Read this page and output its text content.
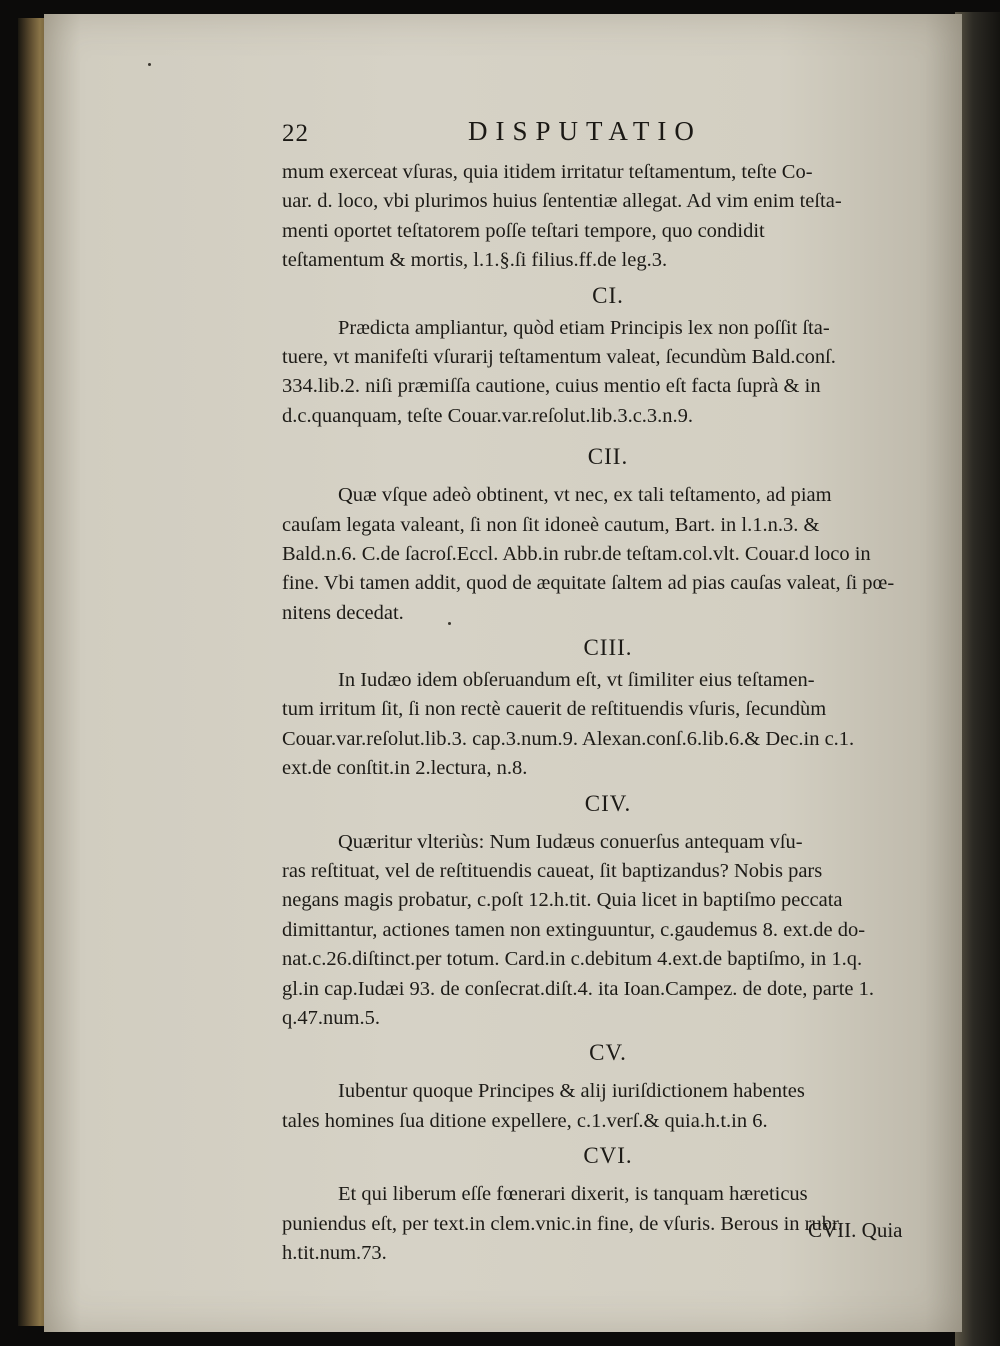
22	DISPUTATIO
mum exerceat vſuras, quia itidem irritatur teſtamentum, teſte Co-
uar. d. loco, vbi plurimos huius ſententiæ allegat. Ad vim enim teſta-
menti oportet teſtatorem poſſe teſtari tempore, quo condidit
teſtamentum & mortis, l.1.§.ſi filius.ff.de leg.3.
CI.
Prædicta ampliantur, quòd etiam Principis lex non poſſit ſta-
tuere, vt manifeſti vſurarij teſtamentum valeat, ſecundùm Bald.conſ.
334.lib.2. niſi præmiſſa cautione, cuius mentio eſt facta ſuprà & in
d.c.quanquam, teſte Couar.var.reſolut.lib.3.c.3.n.9.
CII.
Quæ vſque adeò obtinent, vt nec, ex tali teſtamento, ad piam
cauſam legata valeant, ſi non ſit idoneè cautum, Bart. in l.1.n.3. &
Bald.n.6. C.de ſacroſ.Eccl. Abb.in rubr.de teſtam.col.vlt. Couar.d loco in
fine. Vbi tamen addit, quod de æquitate ſaltem ad pias cauſas valeat, ſi pœ-
nitens decedat.
CIII.
In Iudæo idem obſeruandum eſt, vt ſimiliter eius teſtamen-
tum irritum ſit, ſi non rectè cauerit de reſtituendis vſuris, ſecundùm
Couar.var.reſolut.lib.3. cap.3.num.9. Alexan.conſ.6.lib.6.& Dec.in c.1.
ext.de conſtit.in 2.lectura, n.8.
CIV.
Quæritur vlteriùs: Num Iudæus conuerſus antequam vſu-
ras reſtituat, vel de reſtituendis caueat, ſit baptizandus? Nobis pars
negans magis probatur, c.poſt 12.h.tit. Quia licet in baptiſmo peccata
dimittantur, actiones tamen non extinguuntur, c.gaudemus 8. ext.de do-
nat.c.26.diſtinct.per totum. Card.in c.debitum 4.ext.de baptiſmo, in 1.q.
gl.in cap.Iudæi 93. de conſecrat.diſt.4. ita Ioan.Campez. de dote, parte 1.
q.47.num.5.
CV.
Iubentur quoque Principes & alij iuriſdictionem habentes
tales homines ſua ditione expellere, c.1.verſ.& quia.h.t.in 6.
CVI.
Et qui liberum eſſe fœnerari dixerit, is tanquam hæreticus
puniendus eſt, per text.in clem.vnic.in fine, de vſuris. Berous in rubr.
h.tit.num.73.
CVII. Quia
